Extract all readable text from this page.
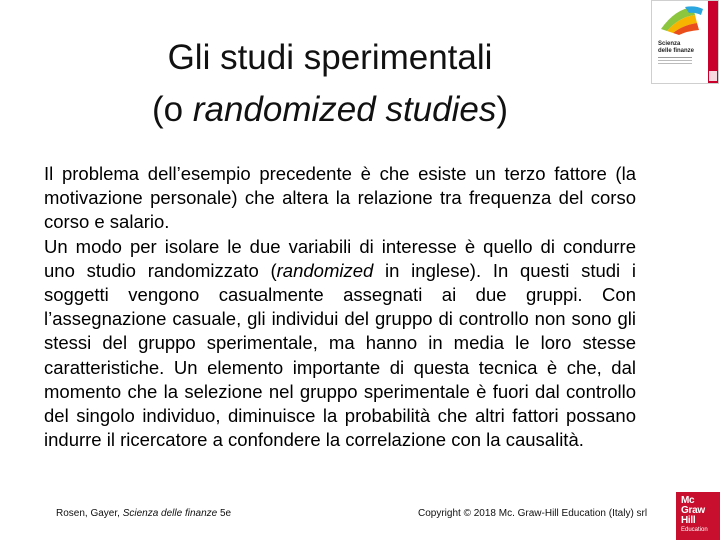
Gli studi sperimentali
(o randomized studies)

Il problema dell’esempio precedente è che esiste un terzo fattore (la motivazione personale) che altera la relazione tra frequenza del corso corso e salario.

Un modo per isolare le due variabili di interesse è quello di condurre uno studio randomizzato (randomized in inglese). In questi studi i soggetti vengono casualmente assegnati ai due gruppi. Con l’assegnazione casuale, gli individui del gruppo di controllo non sono gli stessi del gruppo sperimentale, ma hanno in media le loro stesse caratteristiche. Un elemento importante di questa tecnica è che, dal momento che la selezione nel gruppo sperimentale è fuori dal controllo del singolo individuo, diminuisce la probabilità che altri fattori possano indurre il ricercatore a confondere la correlazione con la causalità.

Rosen, Gayer, Scienza delle finanze 5e	Copyright © 2018 Mc. Graw-Hill Education (Italy) srl
Scienza
delle finanze
Mc
Graw
Hill
Education
